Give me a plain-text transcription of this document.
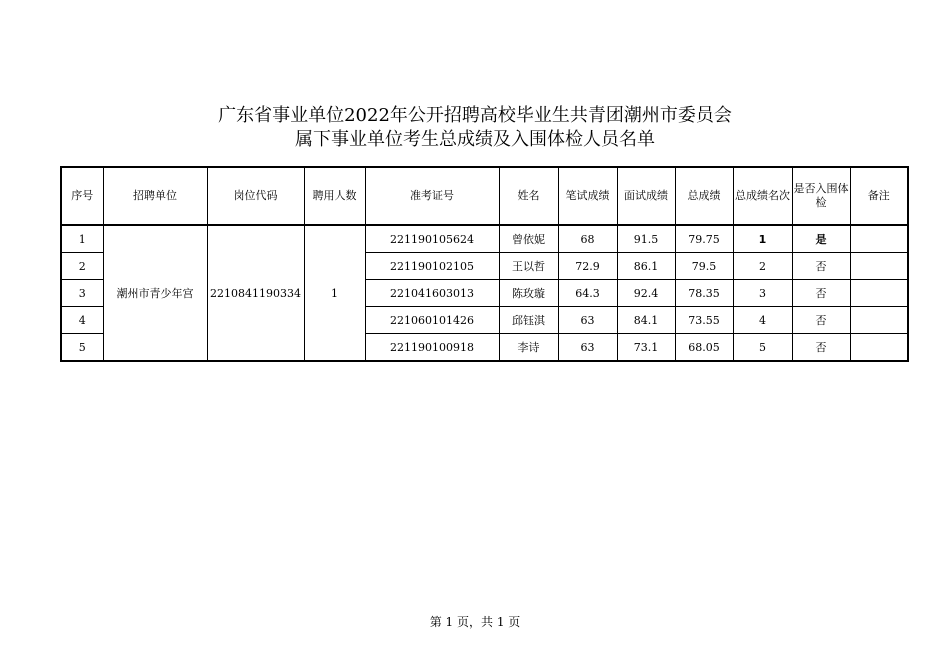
广东省事业单位2022年公开招聘高校毕业生共青团潮州市委员会
属下事业单位考生总成绩及入围体检人员名单
序号	招聘单位	岗位代码	聘用人数	准考证号	姓名	笔试成绩	面试成绩	总成绩	总成绩名次	是否入围体检	备注
1	潮州市青少年宫	2210841190334	1	221190105624	曾依妮	68	91.5	79.75	1	是	
2				221190102105	王以哲	72.9	86.1	79.5	2	否	
3				221041603013	陈玫璇	64.3	92.4	78.35	3	否	
4				221060101426	邱钰淇	63	84.1	73.55	4	否	
5				221190100918	李诗	63	73.1	68.05	5	否	
第 1 页，共 1 页
